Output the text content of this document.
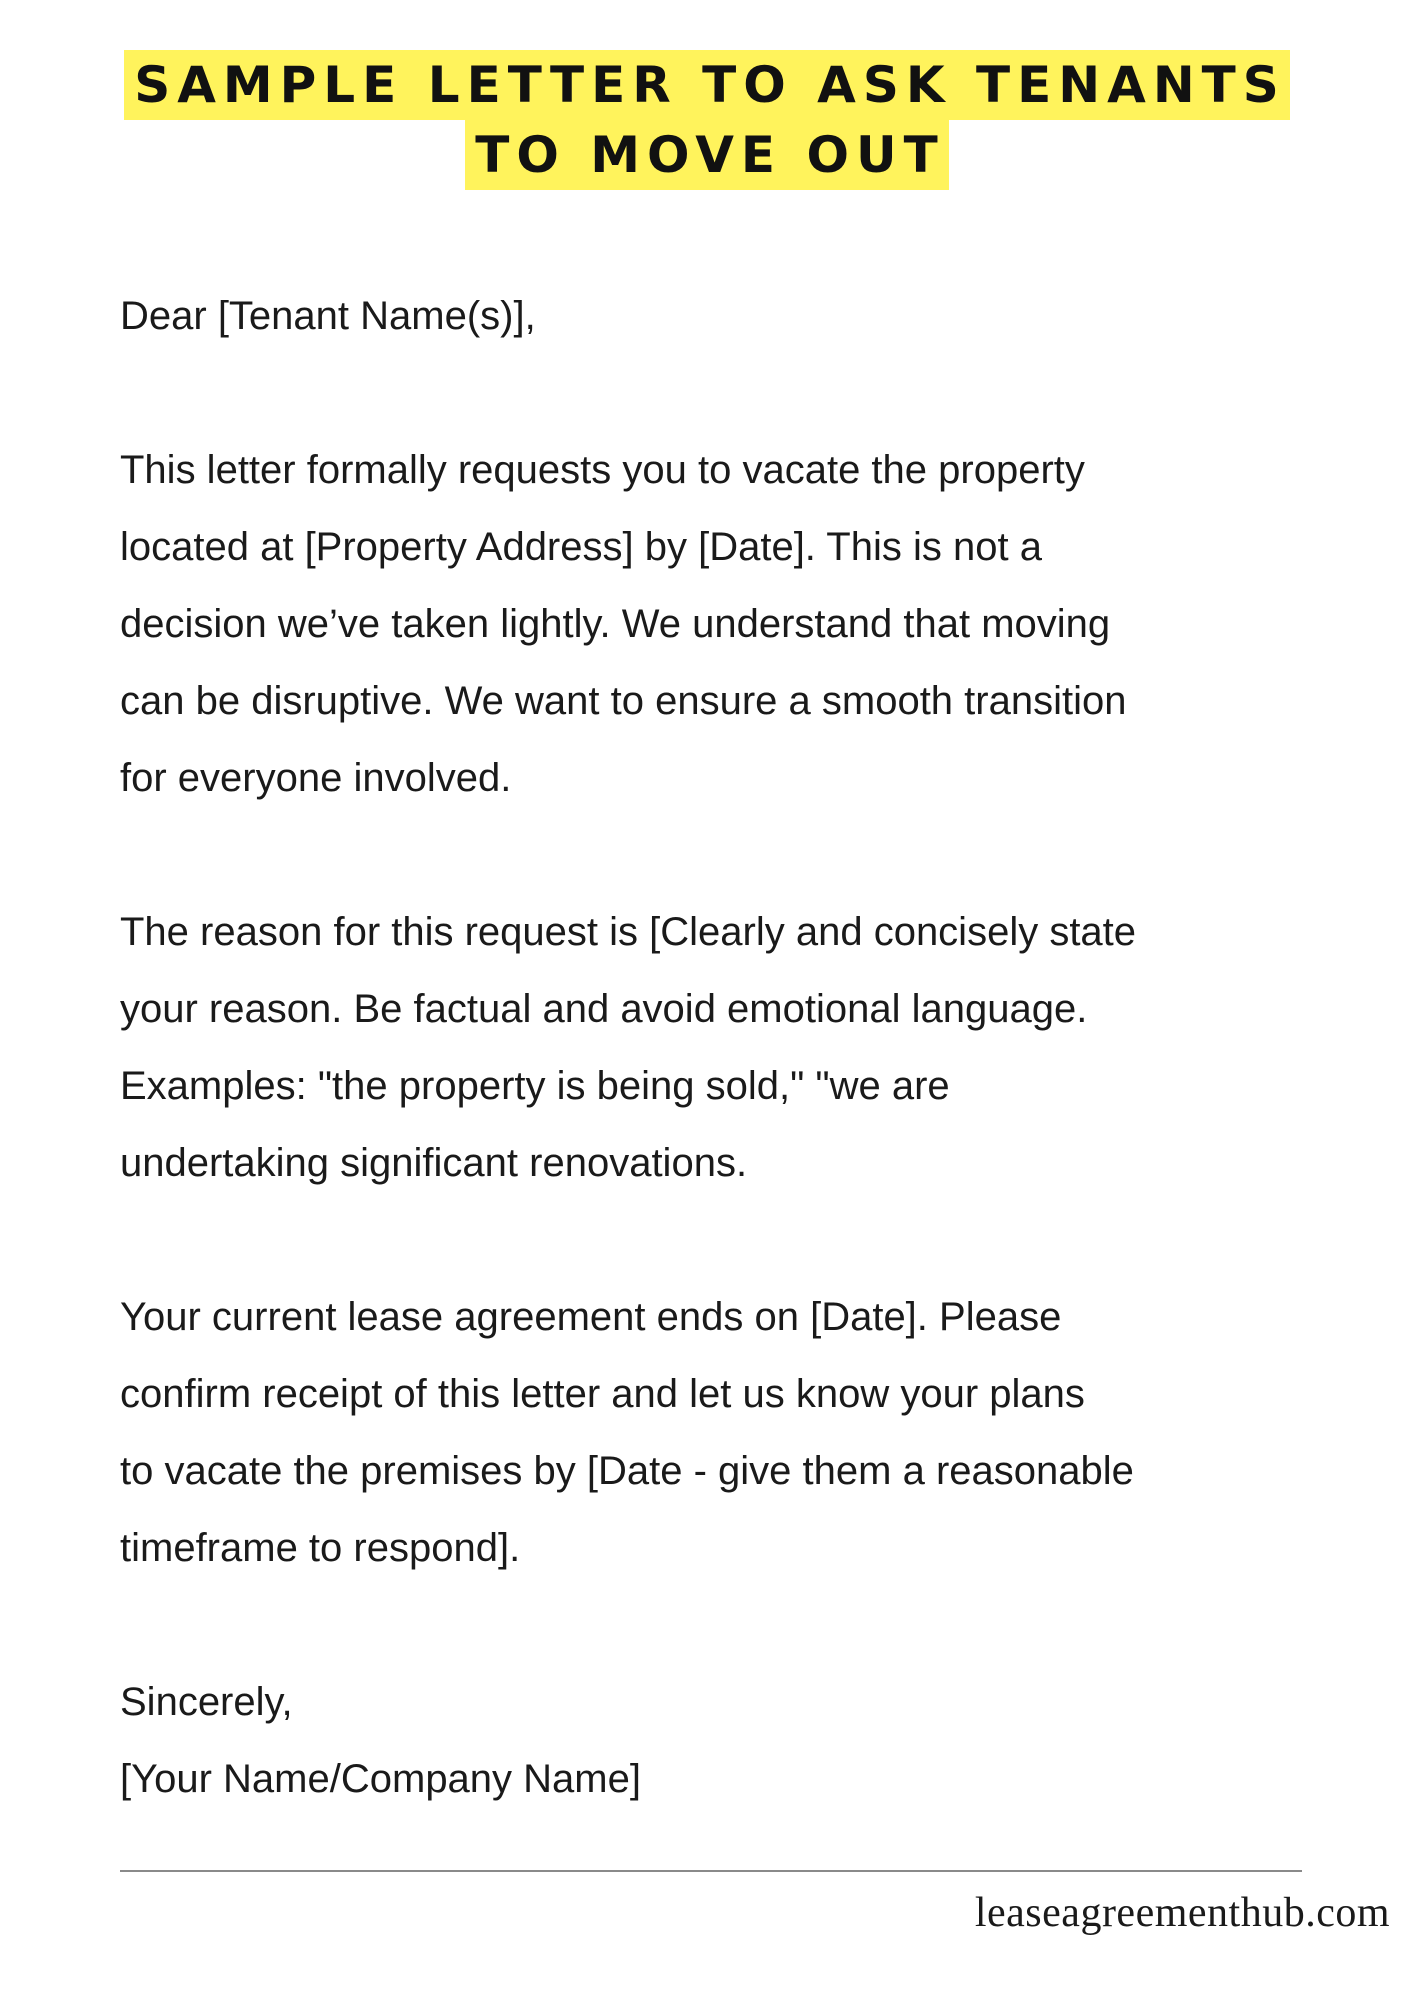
SAMPLE LETTER TO ASK TENANTS
TO MOVE OUT

Dear [Tenant Name(s)],

This letter formally requests you to vacate the property
located at [Property Address] by [Date]. This is not a
decision we’ve taken lightly. We understand that moving
can be disruptive. We want to ensure a smooth transition
for everyone involved.

The reason for this request is [Clearly and concisely state
your reason. Be factual and avoid emotional language.
Examples: "the property is being sold," "we are
undertaking significant renovations.

Your current lease agreement ends on [Date]. Please
confirm receipt of this letter and let us know your plans
to vacate the premises by [Date - give them a reasonable
timeframe to respond].

Sincerely,
[Your Name/Company Name]

leaseagreementhub.com
